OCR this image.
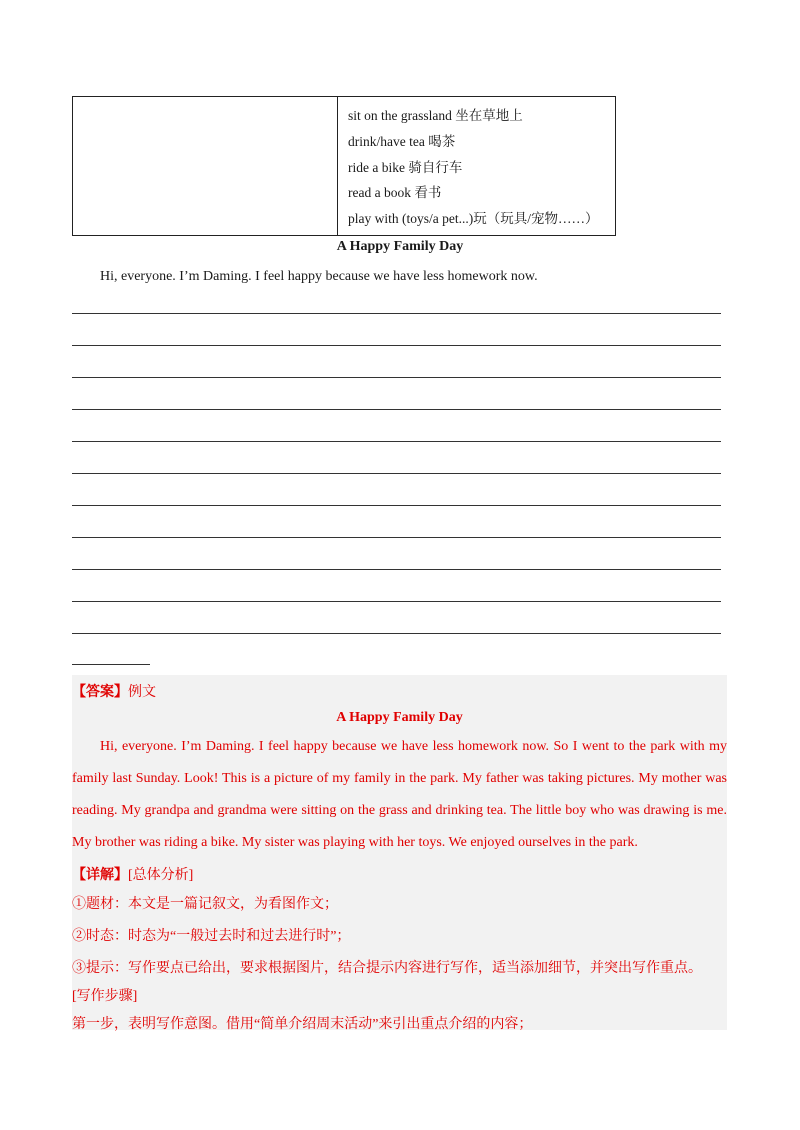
sit on the grassland 坐在草地上
drink/have tea 喝茶
ride a bike 骑自行车
read a book 看书
play with (toys/a pet...)玩（玩具/宠物……）
A Happy Family Day
Hi, everyone. I’m Daming. I feel happy because we have less homework now.
【答案】例文
A Happy Family Day
Hi, everyone. I’m Daming. I feel happy because we have less homework now. So I went to the park with my
family last Sunday. Look! This is a picture of my family in the park. My father was taking pictures. My mother was
reading. My grandpa and grandma were sitting on the grass and drinking tea. The little boy who was drawing is me.
My brother was riding a bike. My sister was playing with her toys. We enjoyed ourselves in the park.
【详解】[总体分析]
①题材：本文是一篇记叙文，为看图作文；
②时态：时态为“一般过去时和过去进行时”；
③提示：写作要点已给出，要求根据图片，结合提示内容进行写作，适当添加细节，并突出写作重点。
[写作步骤]
第一步，表明写作意图。借用“简单介绍周末活动”来引出重点介绍的内容；
